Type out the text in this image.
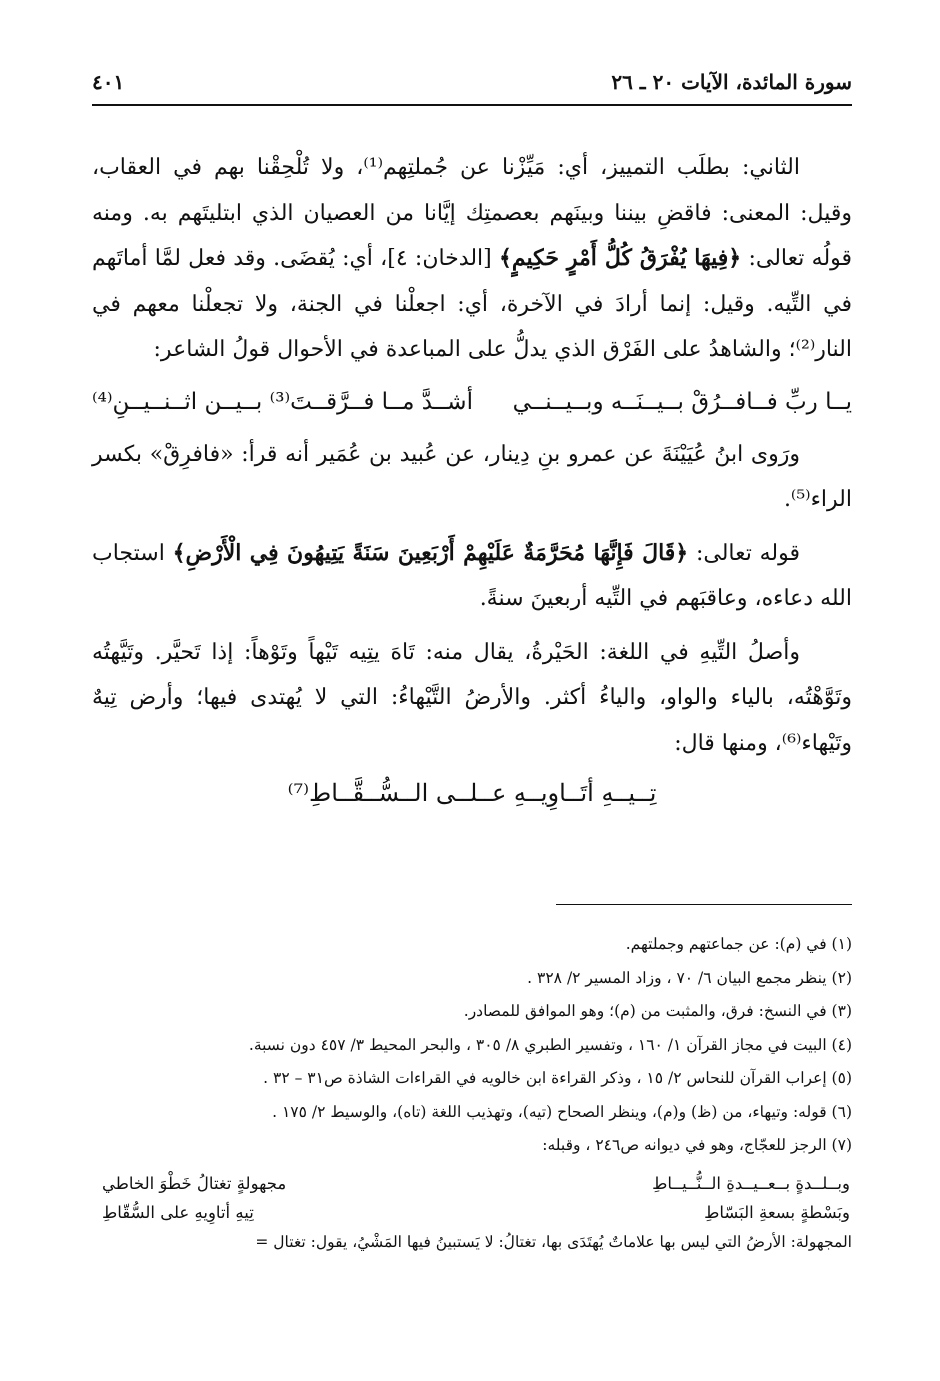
سورة المائدة، الآيات ٢٠ ـ ٢٦
٤٠١

الثاني: بطلَب التمييز، أي: مَيِّزْنا عن جُملتِهم⁽¹⁾، ولا تُلْحِقْنا بهم في العقاب، وقيل: المعنى: فاقضِ بيننا وبينَهم بعصمتِك إيَّانا من العصيان الذي ابتليتَهم به. ومنه قولُه تعالى: ﴿فِيهَا يُفْرَقُ كُلُّ أَمْرٍ حَكِيمٍ﴾ [الدخان: ٤]، أي: يُقضَى. وقد فعل لمَّا أماتَهم في التِّيه. وقيل: إنما أرادَ في الآخرة، أي: اجعلْنا في الجنة، ولا تجعلْنا معهم في النار⁽²⁾؛ والشاهدُ على الفَرْق الذي يدلُّ على المباعدة في الأحوال قولُ الشاعر:

يــا ربِّ فــافــرُقْ بــيــنَــه وبــيــنــي
أشــدَّ مــا فــرَّقــتَ⁽³⁾ بــيــن اثــنــيــنِ⁽⁴⁾

ورَوى ابنُ عُيَيْنَةَ عن عمرو بنِ دِينار، عن عُبيد بن عُمَير أنه قرأ: «فافرِقْ» بكسر الراء⁽⁵⁾.

قوله تعالى: ﴿قَالَ فَإِنَّهَا مُحَرَّمَةٌ عَلَيْهِمْ أَرْبَعِينَ سَنَةً يَتِيهُونَ فِي الْأَرْضِ﴾ استجاب الله دعاءه، وعاقبَهم في التِّيه أربعينَ سنةً.

وأصلُ التِّيهِ في اللغة: الحَيْرةُ، يقال منه: تَاهَ يتِيه تَيْهاً وتَوْهاً: إذا تَحيَّر. وتَيَّهتُه وتَوَّهْتُه، بالياء والواو، والياءُ أكثر. والأرضُ التَّيْهاءُ: التي لا يُهتدى فيها؛ وأرض تِيهٌ وتَيْهاء⁽⁶⁾، ومنها قال:

تِــيــهِ أتَــاوِيــهِ عــلــى الــسُّــقَّــاطِ⁽⁷⁾

(١) في (م): عن جماعتهم وجملتهم.

(٢) ينظر مجمع البيان ٦/ ٧٠ ، وزاد المسير ٢/ ٣٢٨ .

(٣) في النسخ: فرق، والمثبت من (م)؛ وهو الموافق للمصادر.

(٤) البيت في مجاز القرآن ١/ ١٦٠ ، وتفسير الطبري ٨/ ٣٠٥ ، والبحر المحيط ٣/ ٤٥٧ دون نسبة.

(٥) إعراب القرآن للنحاس ٢/ ١٥ ، وذكر القراءة ابن خالويه في القراءات الشاذة ص٣١ – ٣٢ .

(٦) قوله: وتيهاء، من (ظ) و(م)، وينظر الصحاح (تيه)، وتهذيب اللغة (تاه)، والوسيط ٢/ ١٧٥ .

(٧) الرجز للعجّاج، وهو في ديوانه ص٢٤٦ ، وقبله:

وبــلــدةٍ بــعــيــدةِ الــنُّــيــاطِ
مجهولةٍ تغتالُ خَطْوَ الخاطي
وبَسْطةٍ بسعةِ البَسّاطِ
تِيهِ أتاوِيهِ على السُّقّاطِ

المجهولة: الأرضُ التي ليس بها علاماتٌ يُهتَدَى بها، تغتالُ: لا يَستبينُ فيها المَشْيُ، يقول: تغتال =
